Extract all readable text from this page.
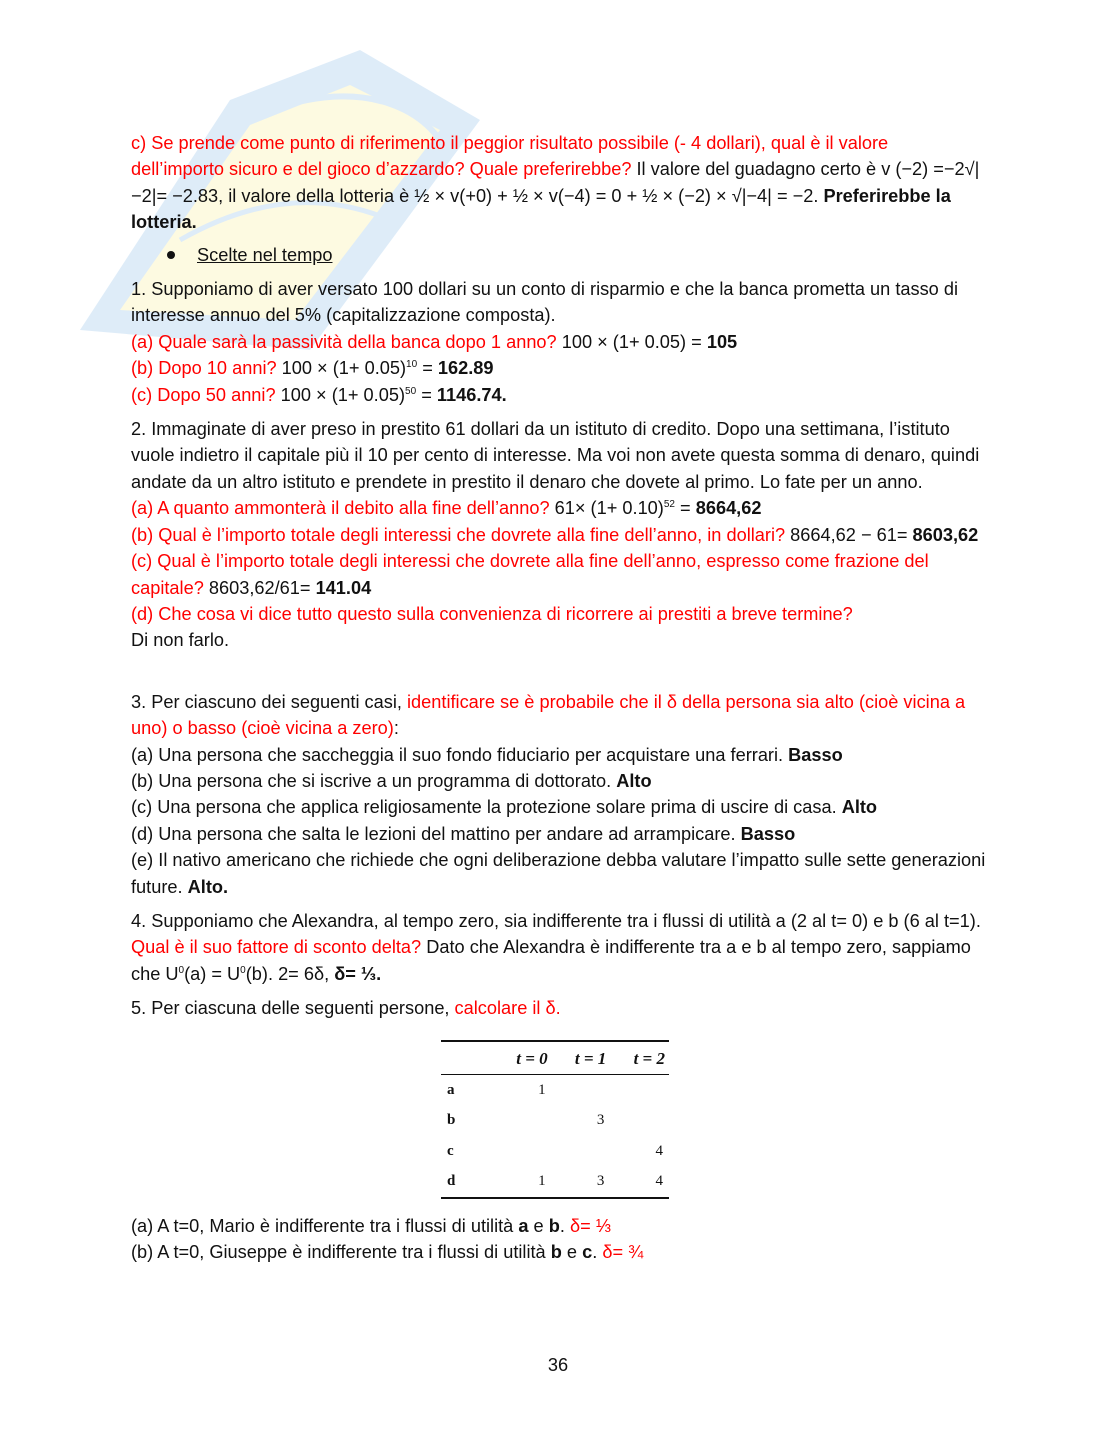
c) Se prende come punto di riferimento il peggior risultato possibile (- 4 dollari), qual è il valore dell’importo sicuro e del gioco d’azzardo? Quale preferirebbe? Il valore del guadagno certo è v (−2) =−2√|−2|= −2.83, il valore della lotteria è ½ × v(+0) + ½ × v(−4) = 0 + ½ × (−2) × √|−4| = −2. Preferirebbe la lotteria.

Scelte nel tempo

1. Supponiamo di aver versato 100 dollari su un conto di risparmio e che la banca prometta un tasso di interesse annuo del 5% (capitalizzazione composta).

(a) Quale sarà la passività della banca dopo 1 anno? 100 × (1+ 0.05) = 105

(b) Dopo 10 anni? $100 \times (1+ 0.05)^{10} = 162.89$

(c) Dopo 50 anni? $100 \times (1+ 0.05)^{50} = 1146.74$.

2. Immaginate di aver preso in prestito 61 dollari da un istituto di credito. Dopo una settimana, l’istituto vuole indietro il capitale più il 10 per cento di interesse. Ma voi non avete questa somma di denaro, quindi andate da un altro istituto e prendete in prestito il denaro che dovete al primo. Lo fate per un anno.

(a) A quanto ammonterà il debito alla fine dell’anno? $61\times (1+ 0.10)^{52} = 8664,62$

(b) Qual è l’importo totale degli interessi che dovrete alla fine dell’anno, in dollari? 8664,62 − 61= 8603,62

(c) Qual è l’importo totale degli interessi che dovrete alla fine dell’anno, espresso come frazione del capitale? 8603,62/61= 141.04

(d) Che cosa vi dice tutto questo sulla convenienza di ricorrere ai prestiti a breve termine?

Di non farlo.

3. Per ciascuno dei seguenti casi, identificare se è probabile che il δ della persona sia alto (cioè vicina a uno) o basso (cioè vicina a zero):

(a) Una persona che saccheggia il suo fondo fiduciario per acquistare una ferrari. Basso

(b) Una persona che si iscrive a un programma di dottorato. Alto

(c) Una persona che applica religiosamente la protezione solare prima di uscire di casa. Alto

(d) Una persona che salta le lezioni del mattino per andare ad arrampicare. Basso

(e) Il nativo americano che richiede che ogni deliberazione debba valutare l’impatto sulle sette generazioni future. Alto.

4. Supponiamo che Alexandra, al tempo zero, sia indifferente tra i flussi di utilità a (2 al t= 0) e b (6 al t=1). Qual è il suo fattore di sconto delta? Dato che Alexandra è indifferente tra a e b al tempo zero, sappiamo che $U^0(a) = U^0(b)$. 2= 6δ, δ= ⅓.

5. Per ciascuna delle seguenti persone, calcolare il δ.

	t = 0	t = 1	t = 2
a	1		
b		3	
c			4
d	1	3	4

(a) A t=0, Mario è indifferente tra i flussi di utilità a e b. δ= ⅓

(b) A t=0, Giuseppe è indifferente tra i flussi di utilità b e c. δ= ¾

36
